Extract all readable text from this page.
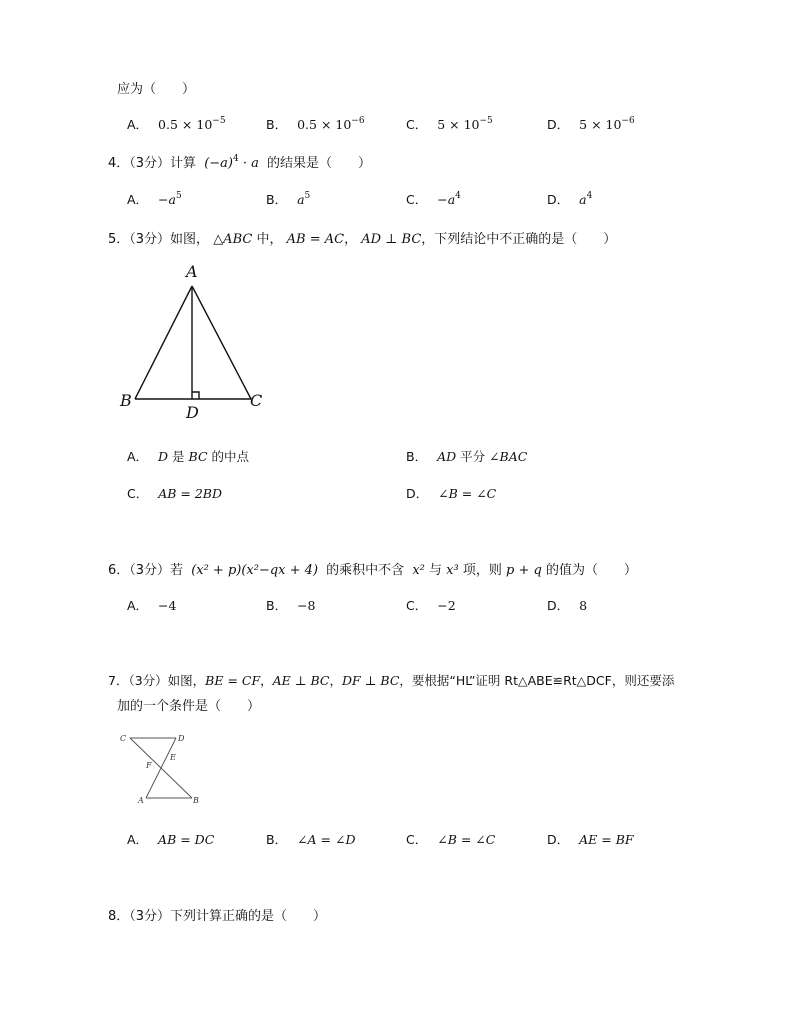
应为（　　）
A． $0.5 \times 10^{-5}$	B． $0.5 \times 10^{-6}$	C． $5 \times 10^{-5}$	D． $5 \times 10^{-6}$
4．（3分）计算 $(-a)^4 \cdot a$ 的结果是（　　）
A． $-a^5$	B． $a^5$	C． $-a^4$	D． $a^4$
5．（3分）如图， △ABC 中， AB = AC， AD ⊥ BC，下列结论中不正确的是（　　）
A
B	C
D
A． D 是 BC 的中点	B． AD 平分 ∠BAC
C． AB = 2BD	D． ∠B = ∠C
6．（3分）若 (x² + p)(x²−qx + 4) 的乘积中不含 x² 与 x³ 项，则 p + q 的值为（　　）
A． −4	B． −8	C． −2	D． 8
7．（3分）如图，BE = CF，AE ⊥ BC，DF ⊥ BC，要根据“HL”证明 Rt△ABE≌Rt△DCF，则还要添
加的一个条件是（　　）
C	D
F
E
A	B
A． AB = DC	B． ∠A = ∠D	C． ∠B = ∠C	D． AE = BF
8．（3分）下列计算正确的是（　　）
